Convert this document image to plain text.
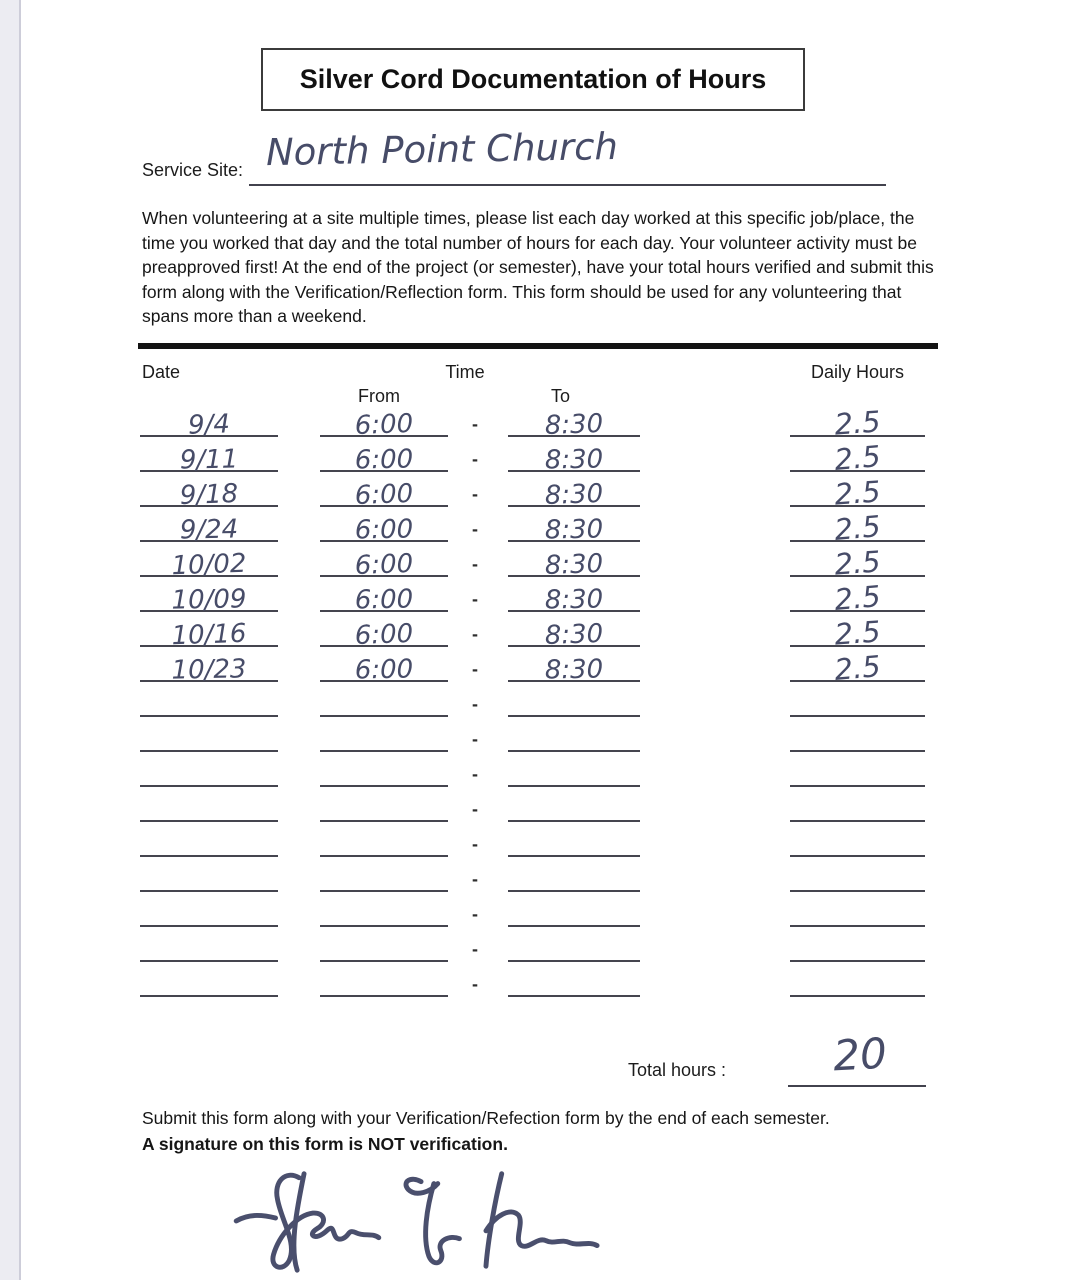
Silver Cord Documentation of Hours
Service Site: North Point Church

When volunteering at a site multiple times, please list each day worked at this specific job/place, the time you worked that day and the total number of hours for each day. Your volunteer activity must be preapproved first! At the end of the project (or semester), have your total hours verified and submit this form along with the Verification/Reflection form. This form should be used for any volunteering that spans more than a weekend.

Date	Time	Daily Hours
From	To
9/4	6:00	-	8:30	2.5
9/11	6:00	-	8:30	2.5
9/18	6:00	-	8:30	2.5
9/24	6:00	-	8:30	2.5
10/02	6:00	-	8:30	2.5
10/09	6:00	-	8:30	2.5
10/16	6:00	-	8:30	2.5
10/23	6:00	-	8:30	2.5
-
-
-
-
-
-
-
-
-
Total hours :	20

Submit this form along with your Verification/Refection form by the end of each semester.

A signature on this form is NOT verification.
